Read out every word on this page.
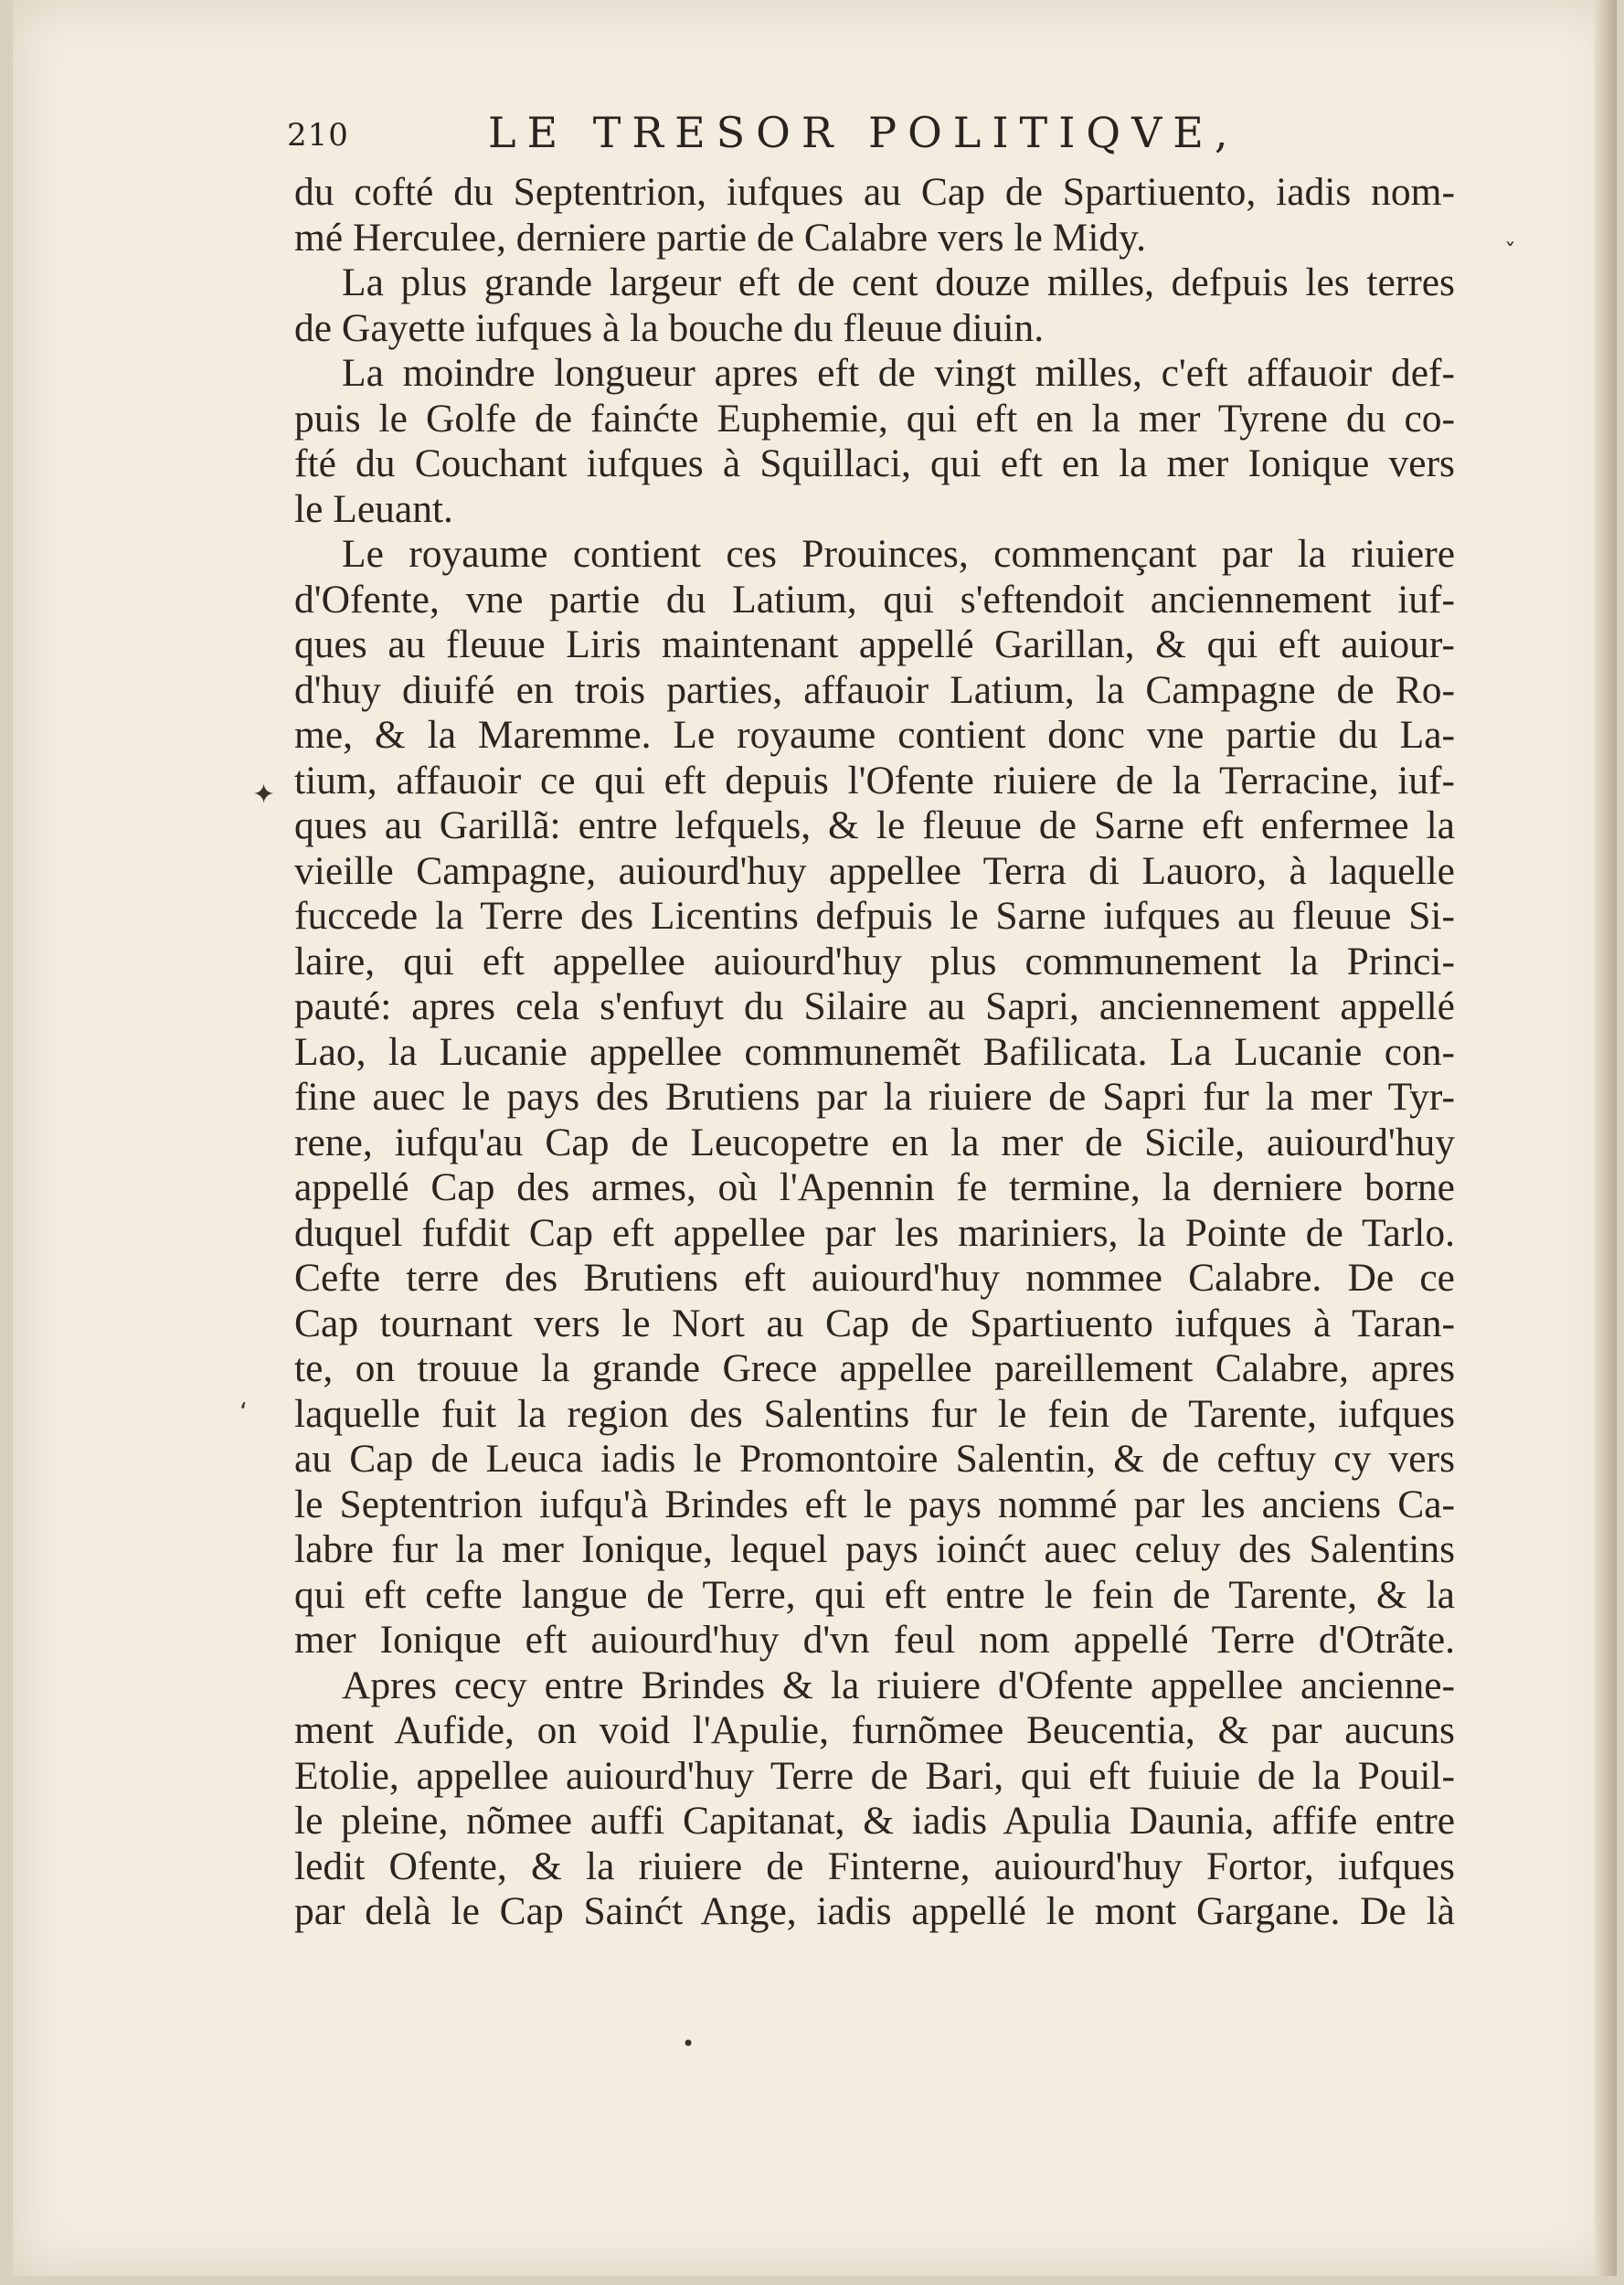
210	LE TRESOR POLITIQVE,
du cofté du Septentrion, iufques au Cap de Spartiuento, iadis nom-
mé Herculee, derniere partie de Calabre vers le Midy.
La plus grande largeur eft de cent douze milles, defpuis les terres
de Gayette iufques à la bouche du fleuue diuin.
La moindre longueur apres eft de vingt milles, c'eft affauoir def-
puis le Golfe de fainćte Euphemie, qui eft en la mer Tyrene du co-
fté du Couchant iufques à Squillaci, qui eft en la mer Ionique vers
le Leuant.
Le royaume contient ces Prouinces, commençant par la riuiere
d'Ofente, vne partie du Latium, qui s'eftendoit anciennement iuf-
ques au fleuue Liris maintenant appellé Garillan, & qui eft auiour-
d'huy diuifé en trois parties, affauoir Latium, la Campagne de Ro-
me, & la Maremme. Le royaume contient donc vne partie du La-
tium, affauoir ce qui eft depuis l'Ofente riuiere de la Terracine, iuf-
ques au Garillã: entre lefquels, & le fleuue de Sarne eft enfermee la
vieille Campagne, auiourd'huy appellee Terra di Lauoro, à laquelle
fuccede la Terre des Licentins defpuis le Sarne iufques au fleuue Si-
laire, qui eft appellee auiourd'huy plus communement la Princi-
pauté: apres cela s'enfuyt du Silaire au Sapri, anciennement appellé
Lao, la Lucanie appellee communemẽt Bafilicata. La Lucanie con-
fine auec le pays des Brutiens par la riuiere de Sapri fur la mer Tyr-
rene, iufqu'au Cap de Leucopetre en la mer de Sicile, auiourd'huy
appellé Cap des armes, où l'Apennin fe termine, la derniere borne
duquel fufdit Cap eft appellee par les mariniers, la Pointe de Tarlo.
Cefte terre des Brutiens eft auiourd'huy nommee Calabre. De ce
Cap tournant vers le Nort au Cap de Spartiuento iufques à Taran-
te, on trouue la grande Grece appellee pareillement Calabre, apres
laquelle fuit la region des Salentins fur le fein de Tarente, iufques
au Cap de Leuca iadis le Promontoire Salentin, & de ceftuy cy vers
le Septentrion iufqu'à Brindes eft le pays nommé par les anciens Ca-
labre fur la mer Ionique, lequel pays ioinćt auec celuy des Salentins
qui eft cefte langue de Terre, qui eft entre le fein de Tarente, & la
mer Ionique eft auiourd'huy d'vn feul nom appellé Terre d'Otrãte.
Apres cecy entre Brindes & la riuiere d'Ofente appellee ancienne-
ment Aufide, on void l'Apulie, furnõmee Beucentia, & par aucuns
Etolie, appellee auiourd'huy Terre de Bari, qui eft fuiuie de la Pouil-
le pleine, nõmee auffi Capitanat, & iadis Apulia Daunia, affife entre
ledit Ofente, & la riuiere de Finterne, auiourd'huy Fortor, iufques
par delà le Cap Sainćt Ange, iadis appellé le mont Gargane. De là
✦
‘
•
ˇ
